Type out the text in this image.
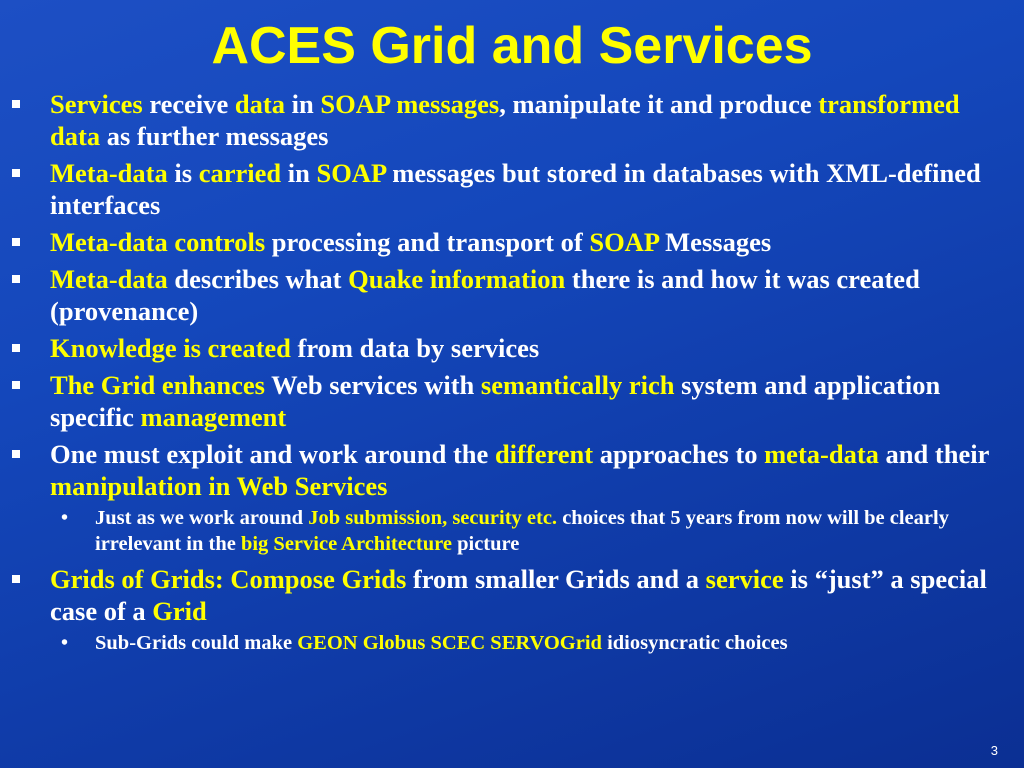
ACES Grid and Services
Services receive data in SOAP messages, manipulate it and produce transformed data as further messages
Meta-data is carried in SOAP messages but stored in databases with XML-defined interfaces
Meta-data controls processing and transport of SOAP Messages
Meta-data describes what Quake information there is and how it was created (provenance)
Knowledge is created from data by services
The Grid enhances Web services with semantically rich system and application specific management
One must exploit and work around the different approaches to meta-data and their manipulation in Web Services
• Just as we work around Job submission, security etc. choices that 5 years from now will be clearly irrelevant in the big Service Architecture picture
Grids of Grids: Compose Grids from smaller Grids and a service is “just” a special case of a Grid
• Sub-Grids could make GEON Globus SCEC SERVOGrid idiosyncratic choices
3
